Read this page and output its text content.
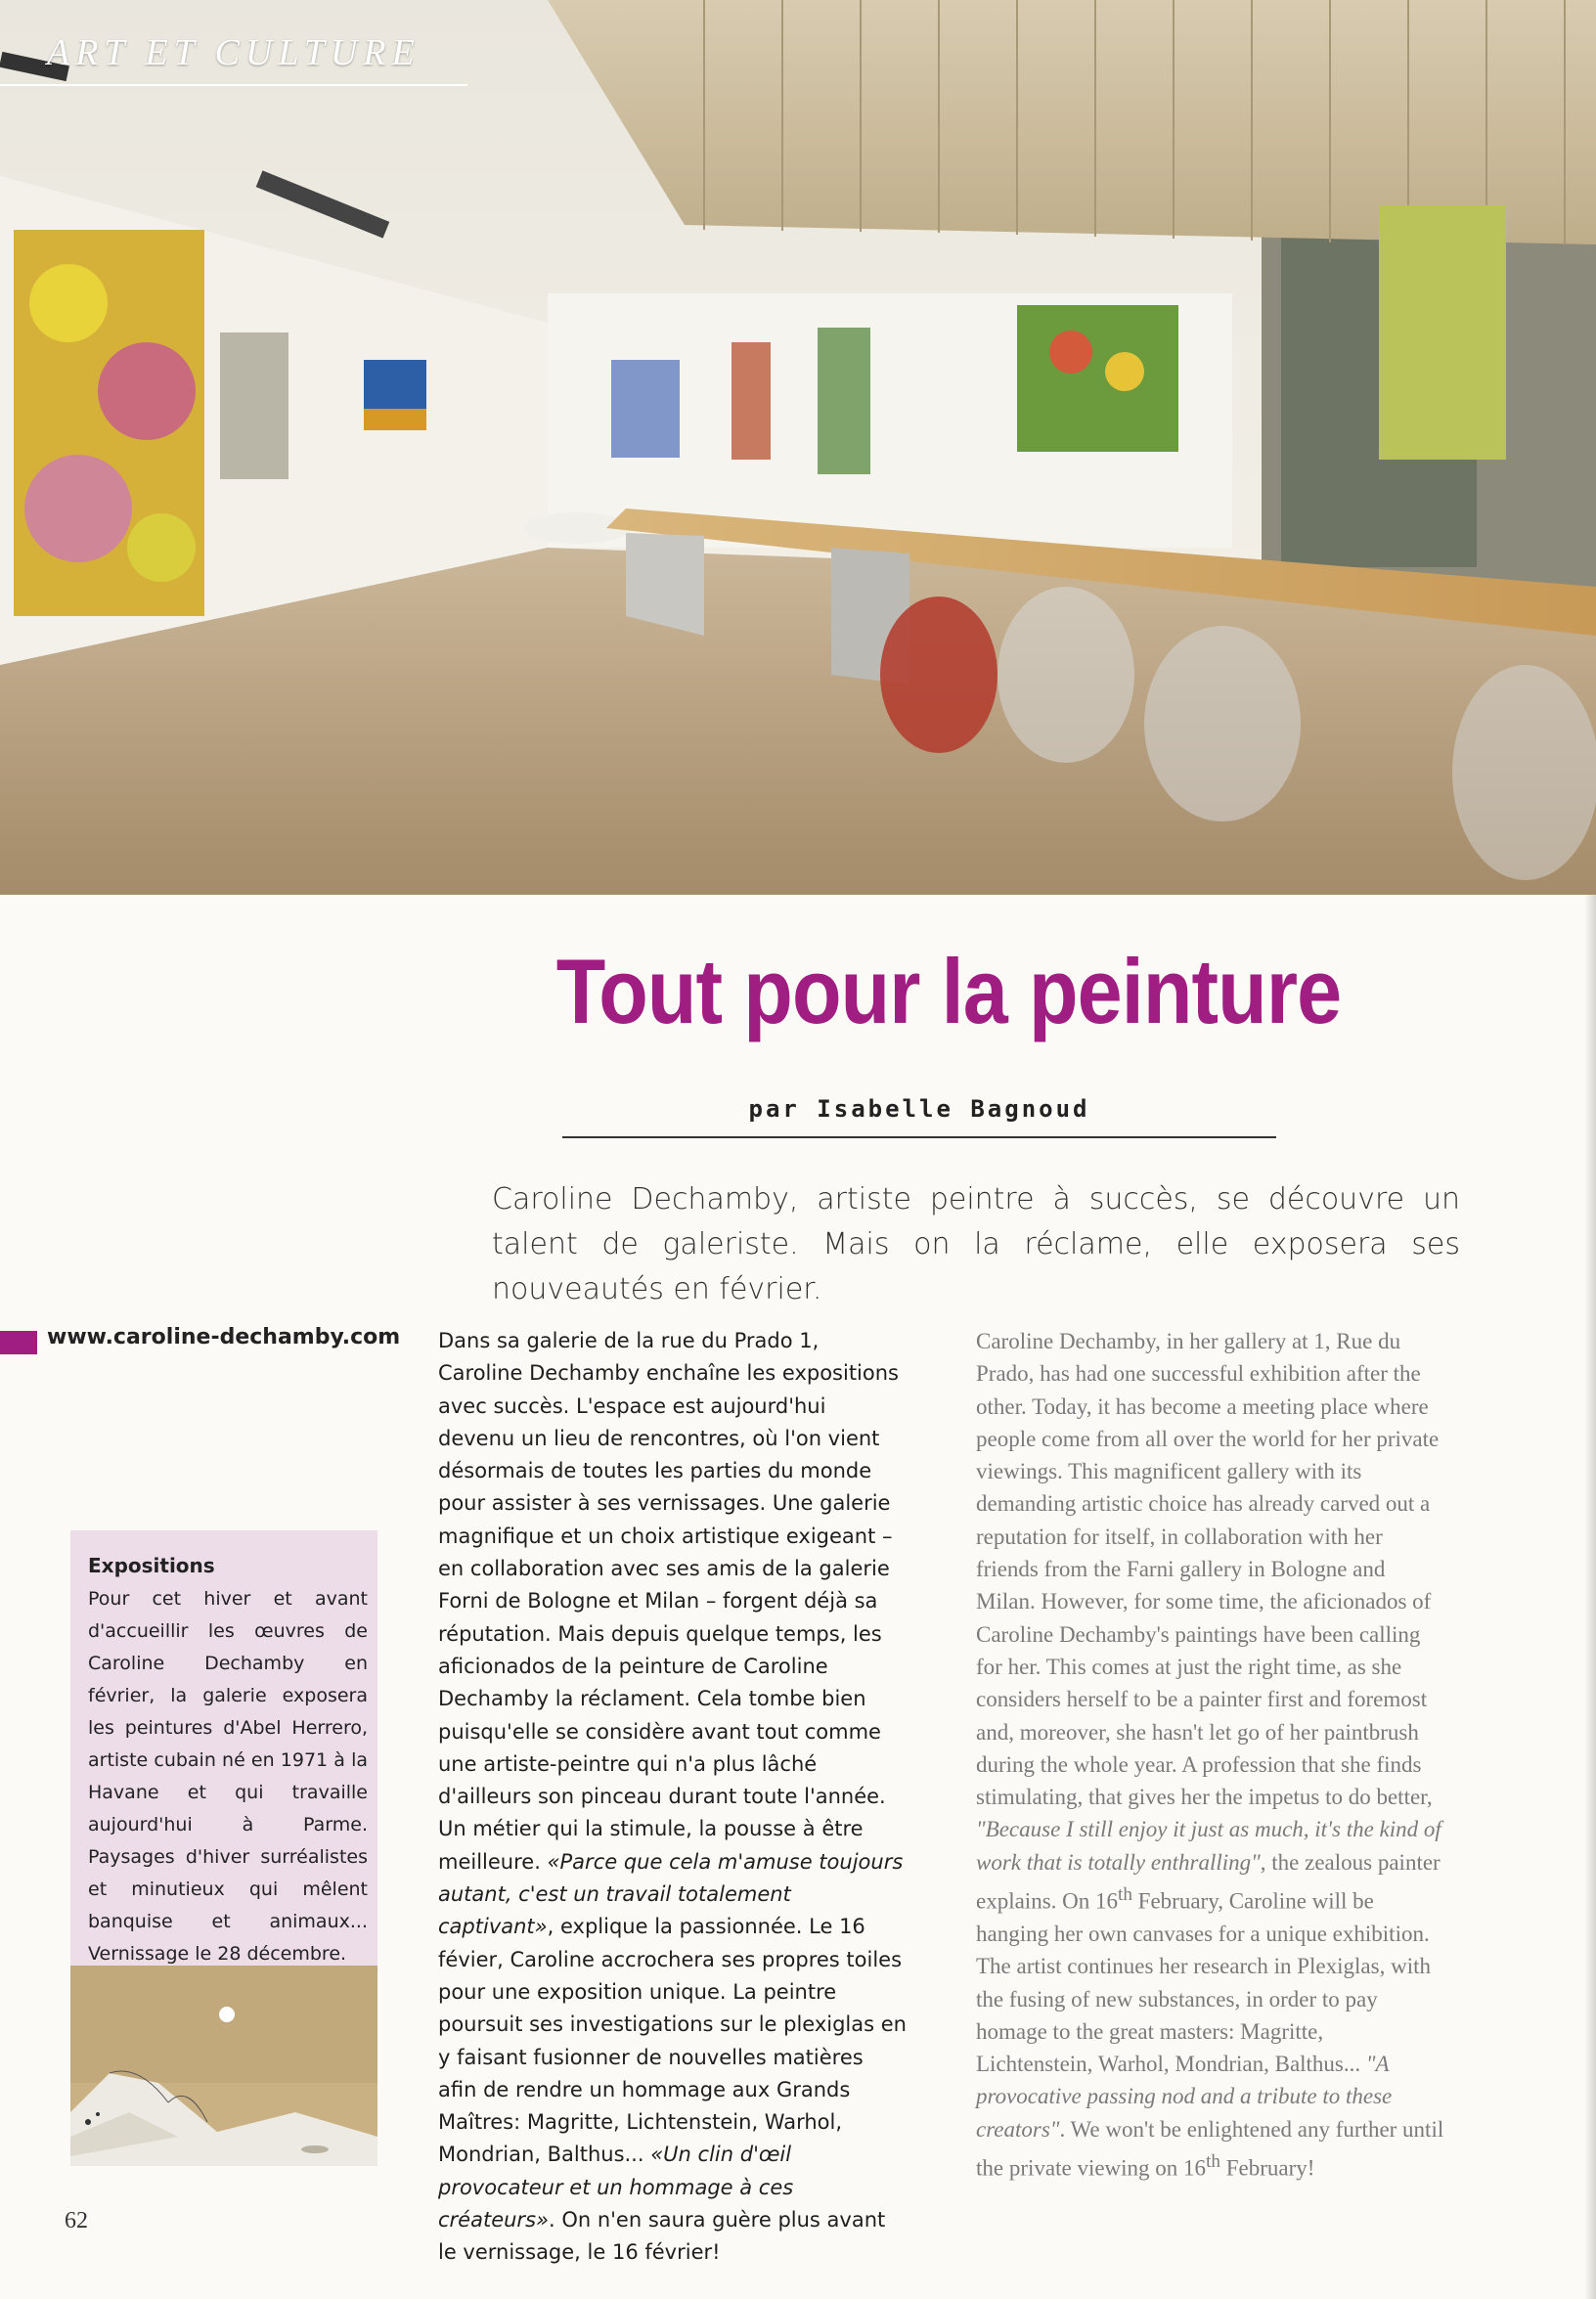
ART ET CULTURE
Tout pour la peinture
par Isabelle Bagnoud
Caroline Dechamby, artiste peintre à succès, se découvre un talent de galeriste. Mais on la réclame, elle exposera ses nouveautés en février.
www.caroline-dechamby.com
Expositions
Pour cet hiver et avant d'accueillir les œuvres de Caroline Dechamby en février, la galerie exposera les peintures d'Abel Herrero, artiste cubain né en 1971 à la Havane et qui travaille aujourd'hui à Parme. Paysages d'hiver surréalistes et minutieux qui mêlent banquise et animaux... Vernissage le 28 décembre.
Dans sa galerie de la rue du Prado 1, Caroline Dechamby enchaîne les expositions avec succès. L'espace est aujourd'hui devenu un lieu de rencontres, où l'on vient désormais de toutes les parties du monde pour assister à ses vernissages. Une galerie magnifique et un choix artistique exigeant – en collaboration avec ses amis de la galerie Forni de Bologne et Milan – forgent déjà sa réputation. Mais depuis quelque temps, les aficionados de la peinture de Caroline Dechamby la réclament. Cela tombe bien puisqu'elle se considère avant tout comme une artiste-peintre qui n'a plus lâché d'ailleurs son pinceau durant toute l'année. Un métier qui la stimule, la pousse à être meilleure. «Parce que cela m'amuse toujours autant, c'est un travail totalement captivant», explique la passionnée. Le 16 févier, Caroline accrochera ses propres toiles pour une exposition unique. La peintre poursuit ses investigations sur le plexiglas en y faisant fusionner de nouvelles matières afin de rendre un hommage aux Grands Maîtres: Magritte, Lichtenstein, Warhol, Mondrian, Balthus... «Un clin d'œil provocateur et un hommage à ces créateurs». On n'en saura guère plus avant le vernissage, le 16 février!
Caroline Dechamby, in her gallery at 1, Rue du Prado, has had one successful exhibition after the other. Today, it has become a meeting place where people come from all over the world for her private viewings. This magnificent gallery with its demanding artistic choice has already carved out a reputation for itself, in collaboration with her friends from the Farni gallery in Bologne and Milan. However, for some time, the aficionados of Caroline Dechamby's paintings have been calling for her. This comes at just the right time, as she considers herself to be a painter first and foremost and, moreover, she hasn't let go of her paintbrush during the whole year. A profession that she finds stimulating, that gives her the impetus to do better, "Because I still enjoy it just as much, it's the kind of work that is totally enthralling", the zealous painter explains. On 16th February, Caroline will be hanging her own canvases for a unique exhibition. The artist continues her research in Plexiglas, with the fusing of new substances, in order to pay homage to the great masters: Magritte, Lichtenstein, Warhol, Mondrian, Balthus... "A provocative passing nod and a tribute to these creators". We won't be enlightened any further until the private viewing on 16th February!
62
